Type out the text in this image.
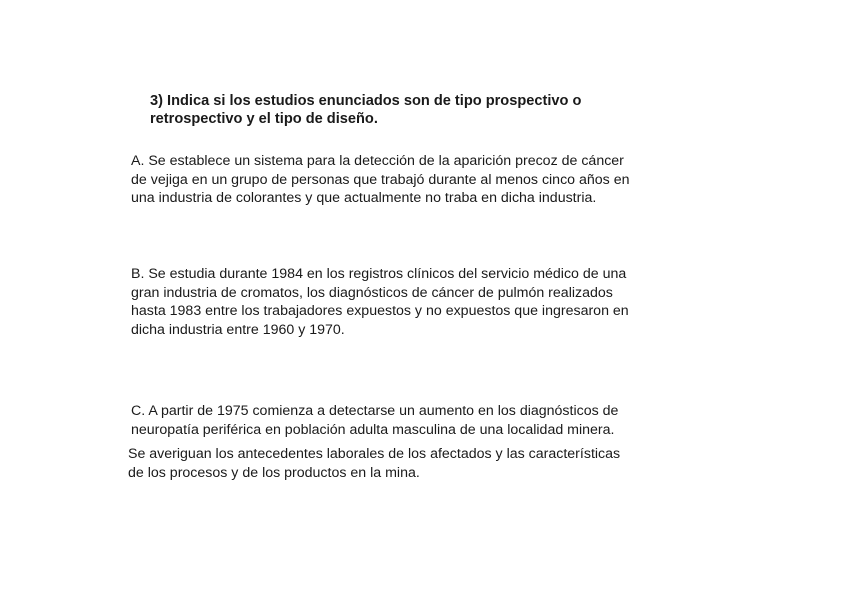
3) Indica si los estudios enunciados son de tipo prospectivo o
retrospectivo y el tipo de diseño.

A. Se establece un sistema para la detección de la aparición precoz de cáncer
de vejiga en un grupo de personas que trabajó durante al menos cinco años en
una industria de colorantes y que actualmente no traba en dicha industria.

B. Se estudia durante 1984 en los registros clínicos del servicio médico de una
gran industria de cromatos, los diagnósticos de cáncer de pulmón realizados
hasta 1983 entre los trabajadores expuestos y no expuestos que ingresaron en
dicha industria entre 1960 y 1970.

C. A partir de 1975 comienza a detectarse un aumento en los diagnósticos de
neuropatía periférica en población adulta masculina de una localidad minera.

Se averiguan los antecedentes laborales de los afectados y las características
de los procesos y de los productos en la mina.
